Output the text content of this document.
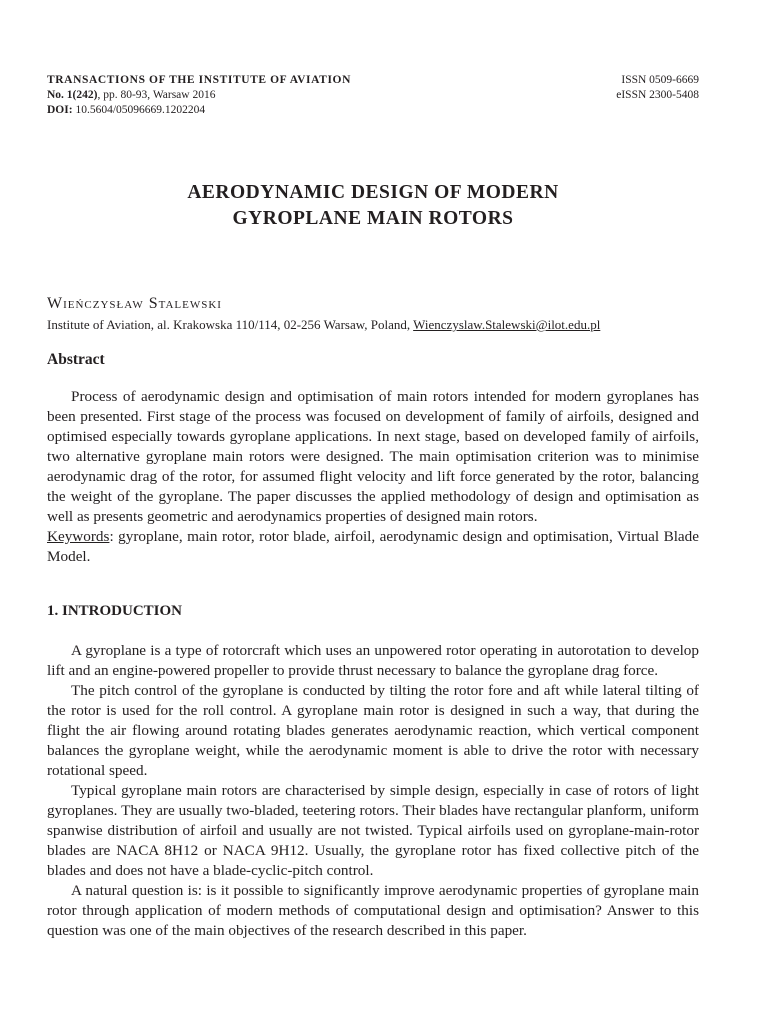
TRANSACTIONS OF THE INSTITUTE OF AVIATION
No. 1(242), pp. 80-93, Warsaw 2016
DOI: 10.5604/05096669.1202204
ISSN 0509-6669
eISSN 2300-5408
AERODYNAMIC DESIGN OF MODERN
GYROPLANE MAIN ROTORS
Wieńczysław Stalewski
Institute of Aviation, al. Krakowska 110/114, 02-256 Warsaw, Poland, Wienczyslaw.Stalewski@ilot.edu.pl
Abstract

Process of aerodynamic design and optimisation of main rotors intended for modern gyroplanes has been presented. First stage of the process was focused on development of family of airfoils, designed and optimised especially towards gyroplane applications. In next stage, based on developed family of airfoils, two alternative gyroplane main rotors were designed. The main optimisation criterion was to minimise aerodynamic drag of the rotor, for assumed flight velocity and lift force generated by the rotor, balancing the weight of the gyroplane. The paper discusses the applied methodology of design and optimisation as well as presents geometric and aerodynamics properties of designed main rotors.

Keywords: gyroplane, main rotor, rotor blade, airfoil, aerodynamic design and optimisation, Virtual Blade Model.

1. INTRODUCTION

A gyroplane is a type of rotorcraft which uses an unpowered rotor operating in autorotation to develop lift and an engine-powered propeller to provide thrust necessary to balance the gyroplane drag force.

The pitch control of the gyroplane is conducted by tilting the rotor fore and aft while lateral tilting of the rotor is used for the roll control. A gyroplane main rotor is designed in such a way, that during the flight the air flowing around rotating blades generates aerodynamic reaction, which vertical component balances the gyroplane weight, while the aerodynamic moment is able to drive the rotor with necessary rotational speed.

Typical gyroplane main rotors are characterised by simple design, especially in case of rotors of light gyroplanes. They are usually two-bladed, teetering rotors. Their blades have rectangular planform, uniform spanwise distribution of airfoil and usually are not twisted. Typical airfoils used on gyroplane-main-rotor blades are NACA 8H12 or NACA 9H12. Usually, the gyroplane rotor has fixed collective pitch of the blades and does not have a blade-cyclic-pitch control.

A natural question is: is it possible to significantly improve aerodynamic properties of gyroplane main rotor through application of modern methods of computational design and optimisation? Answer to this question was one of the main objectives of the research described in this paper.
